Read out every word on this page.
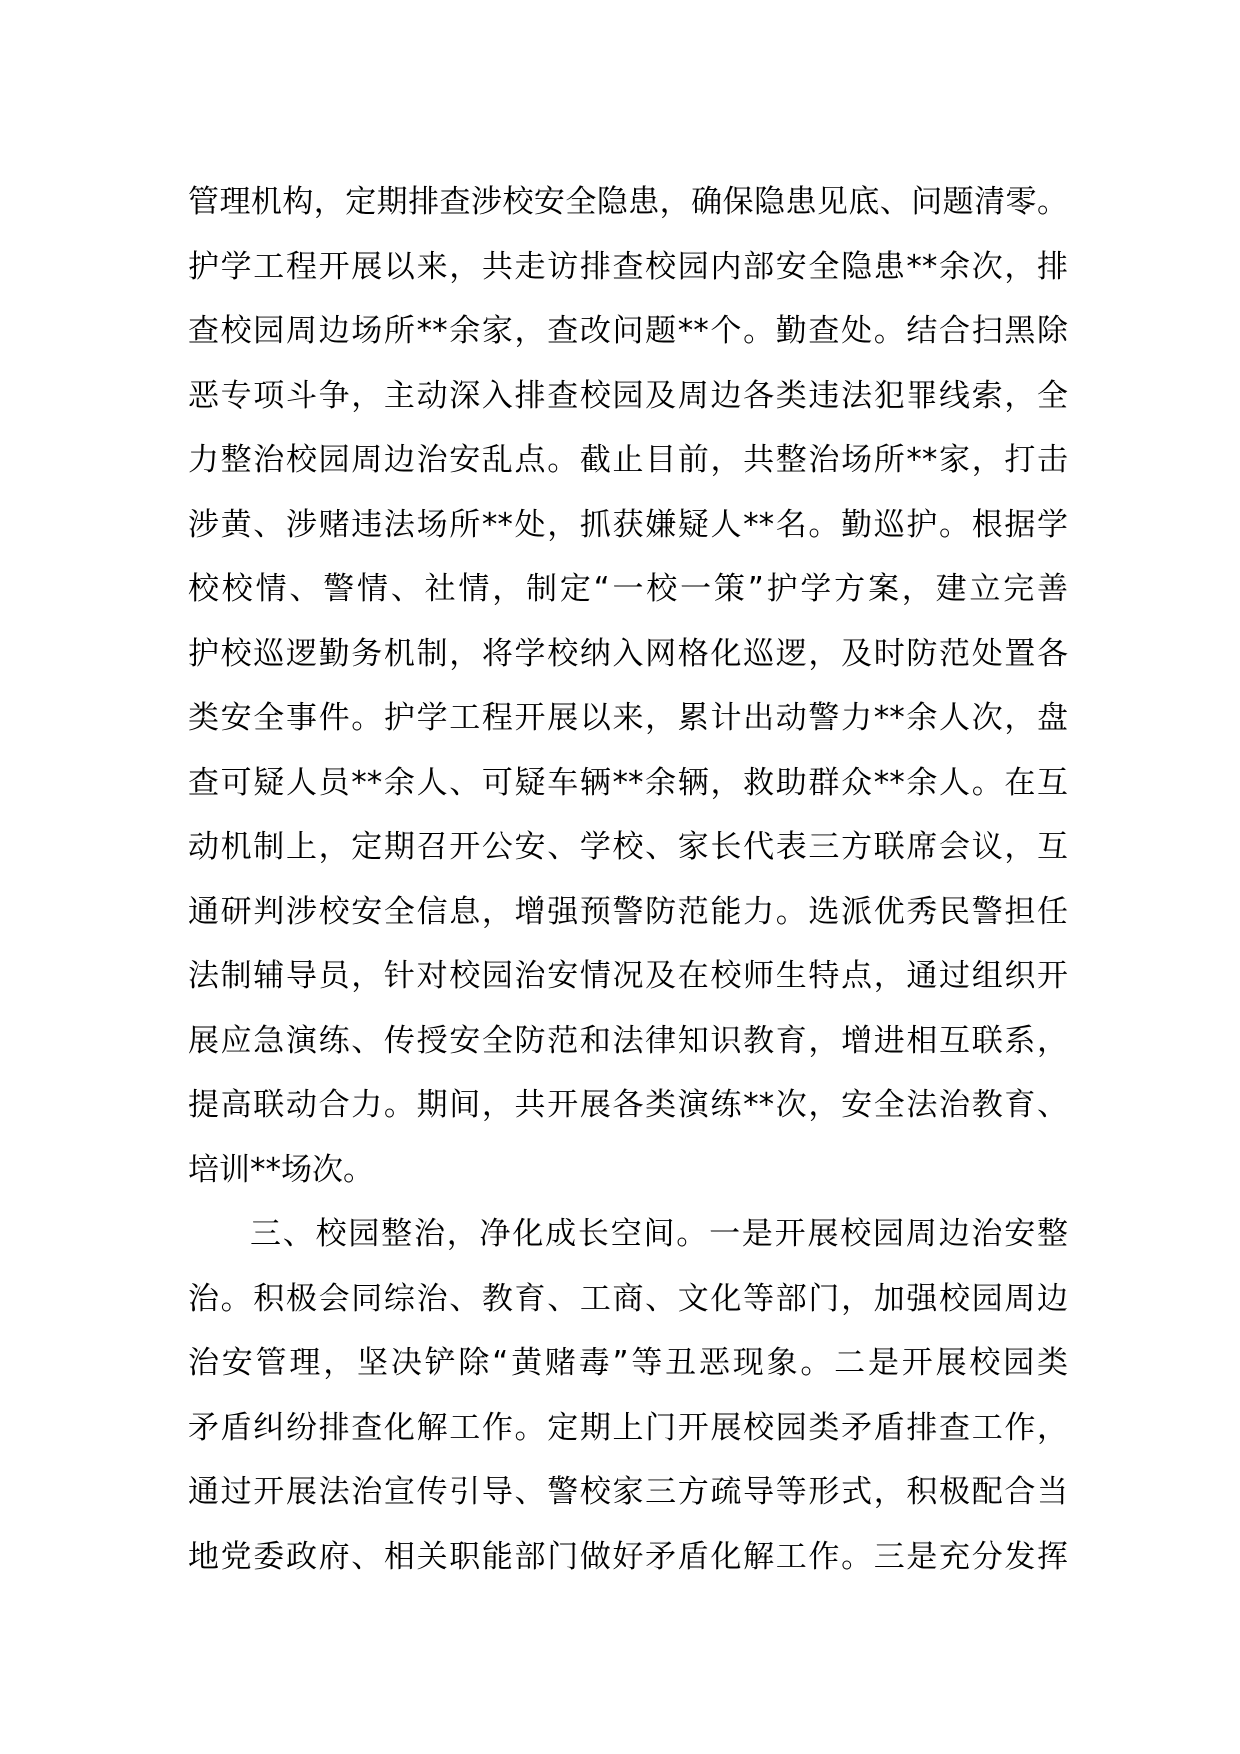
管理机构，定期排查涉校安全隐患，确保隐患见底、问题清零。
护学工程开展以来，共走访排查校园内部安全隐患**余次，排
查校园周边场所**余家，查改问题**个。勤查处。结合扫黑除
恶专项斗争，主动深入排查校园及周边各类违法犯罪线索，全
力整治校园周边治安乱点。截止目前，共整治场所**家，打击
涉黄、涉赌违法场所**处，抓获嫌疑人**名。勤巡护。根据学
校校情、警情、社情，制定“一校一策”护学方案，建立完善
护校巡逻勤务机制，将学校纳入网格化巡逻，及时防范处置各
类安全事件。护学工程开展以来，累计出动警力**余人次，盘
查可疑人员**余人、可疑车辆**余辆，救助群众**余人。在互
动机制上，定期召开公安、学校、家长代表三方联席会议，互
通研判涉校安全信息，增强预警防范能力。选派优秀民警担任
法制辅导员，针对校园治安情况及在校师生特点，通过组织开
展应急演练、传授安全防范和法律知识教育，增进相互联系，
提高联动合力。期间，共开展各类演练**次，安全法治教育、
培训**场次。
三、校园整治，净化成长空间。一是开展校园周边治安整
治。积极会同综治、教育、工商、文化等部门，加强校园周边
治安管理，坚决铲除“黄赌毒”等丑恶现象。二是开展校园类
矛盾纠纷排查化解工作。定期上门开展校园类矛盾排查工作，
通过开展法治宣传引导、警校家三方疏导等形式，积极配合当
地党委政府、相关职能部门做好矛盾化解工作。三是充分发挥
